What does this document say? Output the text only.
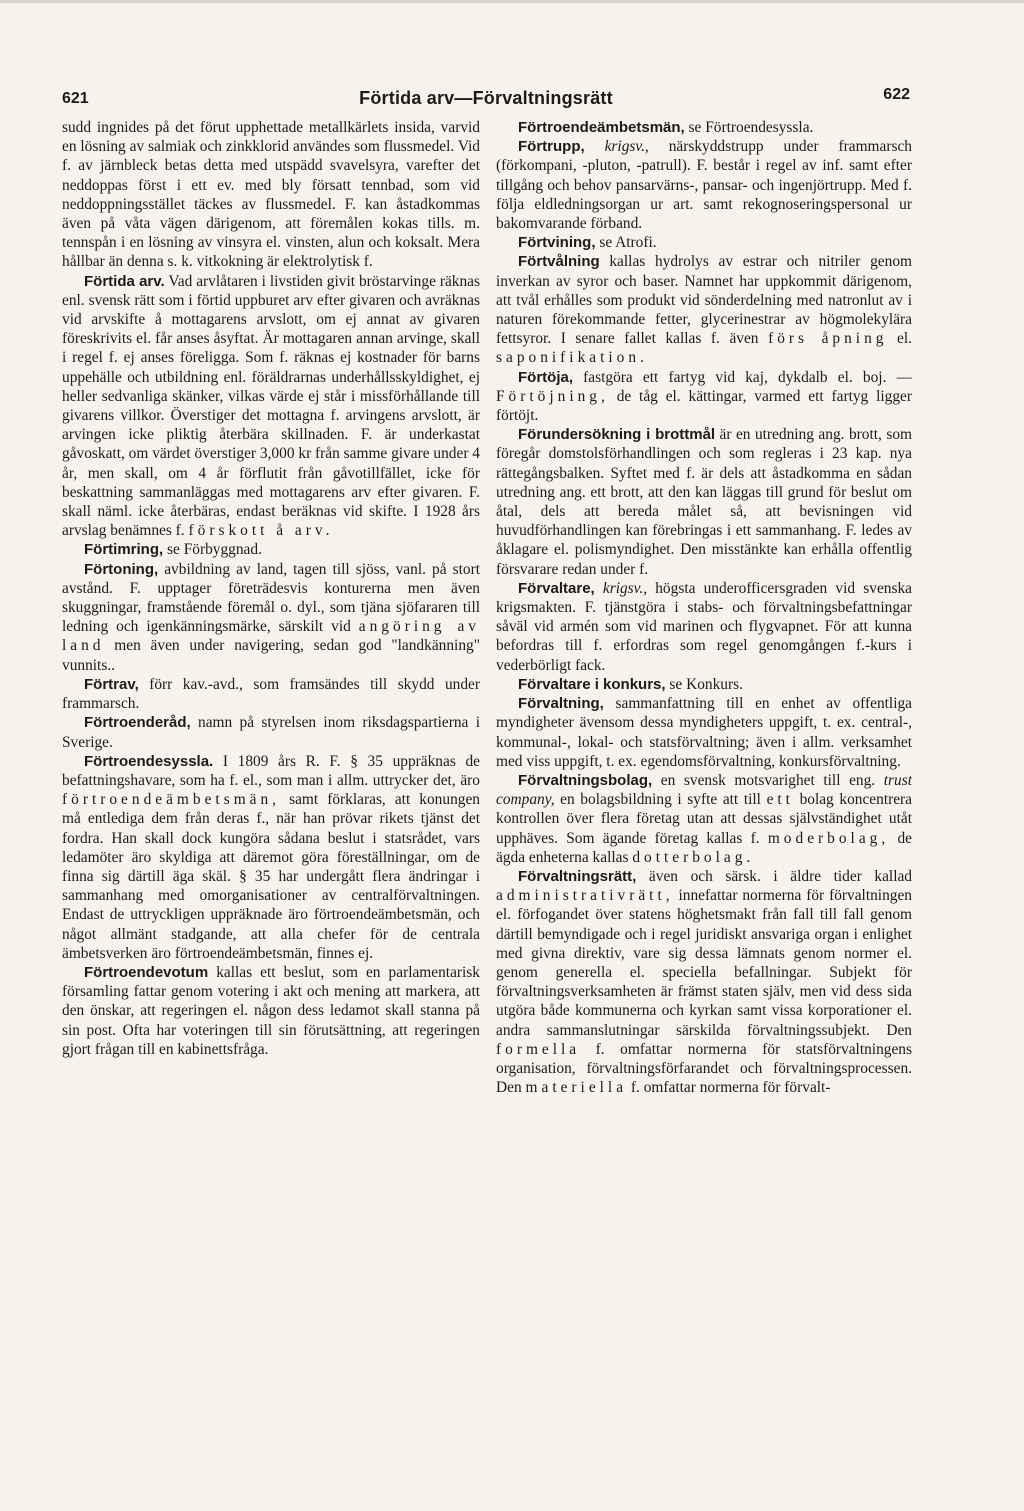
621	Förtida arv—Förvaltningsrätt	622

sudd ingnides på det förut upphettade metallkärlets insida, varvid en lösning av salmiak och zinkklorid användes som flussmedel. Vid f. av järnbleck betas detta med utspädd svavelsyra, varefter det neddoppas först i ett ev. med bly försatt tennbad, som vid neddoppningsstället täckes av flussmedel. F. kan åstadkommas även på våta vägen därigenom, att föremålen kokas tills. m. tennspån i en lösning av vinsyra el. vinsten, alun och koksalt. Mera hållbar än denna s. k. vitkokning är elektrolytisk f.

Förtida arv. Vad arvlåtaren i livstiden givit bröstarvinge räknas enl. svensk rätt som i förtid uppburet arv efter givaren och avräknas vid arvskifte å mottagarens arvslott, om ej annat av givaren föreskrivits el. får anses åsyftat. Är mottagaren annan arvinge, skall i regel f. ej anses föreligga. Som f. räknas ej kostnader för barns uppehälle och utbildning enl. föräldrarnas underhållsskyldighet, ej heller sedvanliga skänker, vilkas värde ej står i missförhållande till givarens villkor. Överstiger det mottagna f. arvingens arvslott, är arvingen icke pliktig återbära skillnaden. F. är underkastat gåvoskatt, om värdet överstiger 3,000 kr från samme givare under 4 år, men skall, om 4 år förflutit från gåvotillfället, icke för beskattning sammanläggas med mottagarens arv efter givaren. F. skall näml. icke återbäras, endast beräknas vid skifte. I 1928 års arvslag benämnes f. förskott å arv.

Förtimring, se Förbyggnad.

Förtoning, avbildning av land, tagen till sjöss, vanl. på stort avstånd. F. upptager företrädesvis konturerna men även skuggningar, framstående föremål o. dyl., som tjäna sjöfararen till ledning och igenkänningsmärke, särskilt vid angöring av land men även under navigering, sedan god "landkänning" vunnits..

Förtrav, förr kav.-avd., som framsändes till skydd under frammarsch.

Förtroenderåd, namn på styrelsen inom riksdagspartierna i Sverige.

Förtroendesyssla. I 1809 års R. F. § 35 uppräknas de befattningshavare, som ha f. el., som man i allm. uttrycker det, äro förtroendeämbetsmän, samt förklaras, att konungen må entlediga dem från deras f., när han prövar rikets tjänst det fordra. Han skall dock kungöra sådana beslut i statsrådet, vars ledamöter äro skyldiga att däremot göra föreställningar, om de finna sig därtill äga skäl. § 35 har undergått flera ändringar i sammanhang med omorganisationer av centralförvaltningen. Endast de uttryckligen uppräknade äro förtroendeämbetsmän, och något allmänt stadgande, att alla chefer för de centrala ämbetsverken äro förtroendeämbetsmän, finnes ej.

Förtroendevotum kallas ett beslut, som en parlamentarisk församling fattar genom votering i akt och mening att markera, att den önskar, att regeringen el. någon dess ledamot skall stanna på sin post. Ofta har voteringen till sin förutsättning, att regeringen gjort frågan till en kabinettsfråga.

Förtroendeämbetsmän, se Förtroendesyssla.

Förtrupp, krigsv., närskyddstrupp under frammarsch (förkompani, -pluton, -patrull). F. består i regel av inf. samt efter tillgång och behov pansarvärns-, pansar- och ingenjörtrupp. Med f. följa eldledningsorgan ur art. samt rekognoseringspersonal ur bakomvarande förband.

Förtvining, se Atrofi.

Förtvålning kallas hydrolys av estrar och nitriler genom inverkan av syror och baser. Namnet har uppkommit därigenom, att tvål erhålles som produkt vid sönderdelning med natronlut av i naturen förekommande fetter, glycerinestrar av högmolekylära fettsyror. I senare fallet kallas f. även förs åpning el. saponifikation.

Förtöja, fastgöra ett fartyg vid kaj, dykdalb el. boj. — Förtöjning, de tåg el. kättingar, varmed ett fartyg ligger förtöjt.

Förundersökning i brottmål är en utredning ang. brott, som föregår domstolsförhandlingen och som regleras i 23 kap. nya rättegångsbalken. Syftet med f. är dels att åstadkomma en sådan utredning ang. ett brott, att den kan läggas till grund för beslut om åtal, dels att bereda målet så, att bevisningen vid huvudförhandlingen kan förebringas i ett sammanhang. F. ledes av åklagare el. polismyndighet. Den misstänkte kan erhålla offentlig försvarare redan under f.

Förvaltare, krigsv., högsta underofficersgraden vid svenska krigsmakten. F. tjänstgöra i stabs- och förvaltningsbefattningar såväl vid armén som vid marinen och flygvapnet. För att kunna befordras till f. erfordras som regel genomgången f.-kurs i vederbörligt fack.

Förvaltare i konkurs, se Konkurs.

Förvaltning, sammanfattning till en enhet av offentliga myndigheter ävensom dessa myndigheters uppgift, t. ex. central-, kommunal-, lokal- och statsförvaltning; även i allm. verksamhet med viss uppgift, t. ex. egendomsförvaltning, konkursförvaltning.

Förvaltningsbolag, en svensk motsvarighet till eng. trust company, en bolagsbildning i syfte att till ett bolag koncentrera kontrollen över flera företag utan att dessas självständighet utåt upphäves. Som ägande företag kallas f. moderbolag, de ägda enheterna kallas dotterbolag.

Förvaltningsrätt, även och särsk. i äldre tider kallad administrativrätt, innefattar normerna för förvaltningen el. förfogandet över statens höghetsmakt från fall till fall genom därtill bemyndigade och i regel juridiskt ansvariga organ i enlighet med givna direktiv, vare sig dessa lämnats genom normer el. genom generella el. speciella befallningar. Subjekt för förvaltningsverksamheten är främst staten själv, men vid dess sida utgöra både kommunerna och kyrkan samt vissa korporationer el. andra sammanslutningar särskilda förvaltningssubjekt. Den formella f. omfattar normerna för statsförvaltningens organisation, förvaltningsförfarandet och förvaltningsprocessen. Den materiella f. omfattar normerna för förvalt-
